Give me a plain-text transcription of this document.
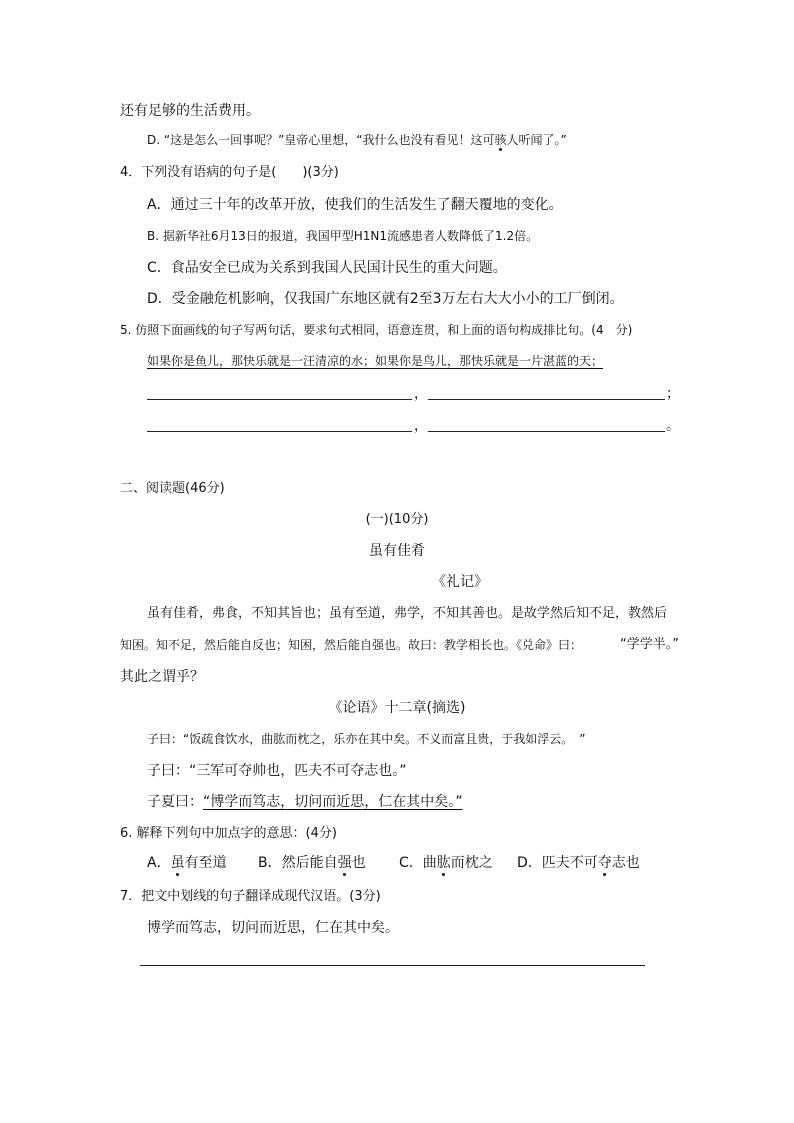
还有足够的生活费用。
D. “这是怎么一回事呢？”皇帝心里想，“我什么也没有看见！这可骇人听闻了。”
4．下列没有语病的句子是(　　)(3分)
A．通过三十年的改革开放，使我们的生活发生了翻天覆地的变化。
B. 据新华社6月13日的报道，我国甲型H1N1流感患者人数降低了1.2倍。
C．食品安全已成为关系到我国人民国计民生的重大问题。
D．受金融危机影响，仅我国广东地区就有2至3万左右大大小小的工厂倒闭。
5. 仿照下面画线的句子写两句话，要求句式相同，语意连贯，和上面的语句构成排比句。(4　分)
如果你是鱼儿，那快乐就是一汪清凉的水；如果你是鸟儿，那快乐就是一片湛蓝的天；
，	；
，	。
二、阅读题(46分)
(一)(10分)
虽有佳肴
《礼记》
虽有佳肴，弗食，不知其旨也；虽有至道，弗学，不知其善也。是故学然后知不足，教然后
知困。知不足，然后能自反也；知困，然后能自强也。故曰：教学相长也。《兑命》曰：	“学学半。”
其此之谓乎？
《论语》十二章(摘选)
子曰：“饭疏食饮水，曲肱而枕之，乐亦在其中矣。不义而富且贵，于我如浮云。　”
子曰：“三军可夺帅也，匹夫不可夺志也。”
子夏曰：“博学而笃志，切问而近思，仁在其中矣。”
6. 解释下列句中加点字的意思：(4分)
A．虽有至道 B．然后能自强也 C．曲肱而枕之 D．匹夫不可夺志也
7．把文中划线的句子翻译成现代汉语。(3分)
博学而笃志，切问而近思，仁在其中矣。
